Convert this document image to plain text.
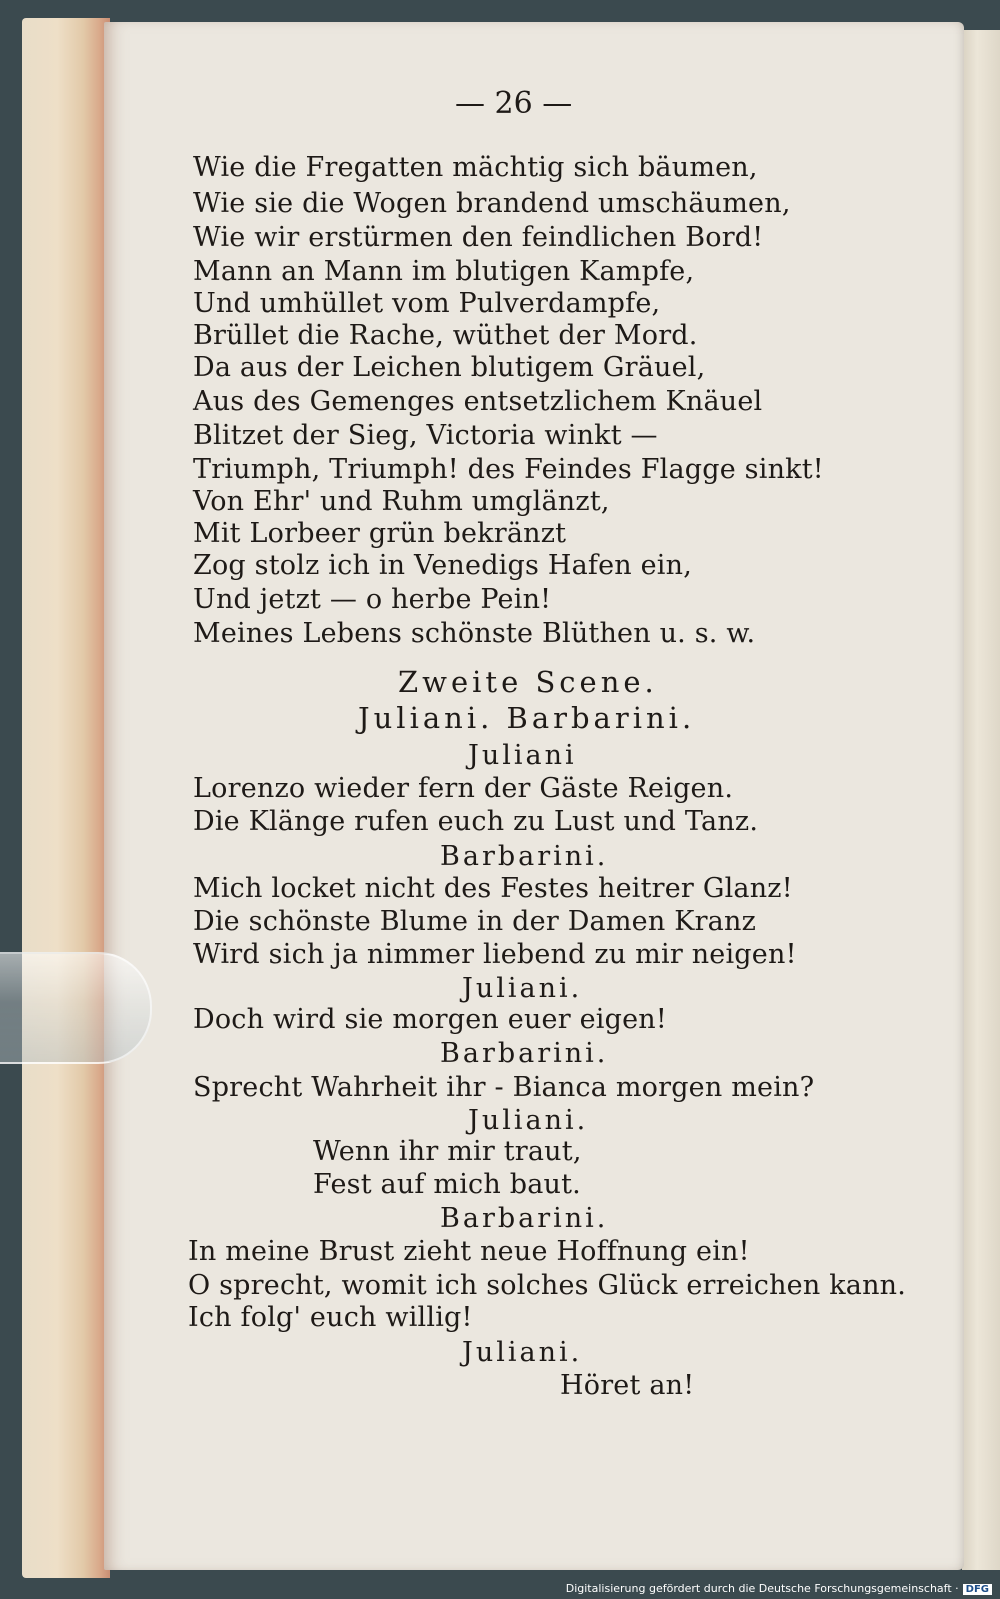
— 26 —
Wie die Fregatten mächtig sich bäumen,
Wie sie die Wogen brandend umschäumen,
Wie wir erstürmen den feindlichen Bord!
Mann an Mann im blutigen Kampfe,
Und umhüllet vom Pulverdampfe,
Brüllet die Rache, wüthet der Mord.
Da aus der Leichen blutigem Gräuel,
Aus des Gemenges entsetzlichem Knäuel
Blitzet der Sieg, Victoria winkt —
Triumph, Triumph! des Feindes Flagge sinkt!
Von Ehr' und Ruhm umglänzt,
Mit Lorbeer grün bekränzt
Zog stolz ich in Venedigs Hafen ein,
Und jetzt — o herbe Pein!
Meines Lebens schönste Blüthen u. s. w.
Zweite Scene.
Juliani. Barbarini.
Juliani
Lorenzo wieder fern der Gäste Reigen.
Die Klänge rufen euch zu Lust und Tanz.
Barbarini.
Mich locket nicht des Festes heitrer Glanz!
Die schönste Blume in der Damen Kranz
Wird sich ja nimmer liebend zu mir neigen!
Juliani.
Doch wird sie morgen euer eigen!
Barbarini.
Sprecht Wahrheit ihr - Bianca morgen mein?
Juliani.
Wenn ihr mir traut,
Fest auf mich baut.
Barbarini.
In meine Brust zieht neue Hoffnung ein!
O sprecht, womit ich solches Glück erreichen kann.
Ich folg' euch willig!
Juliani.
Höret an!
Digitalisierung gefördert durch die Deutsche Forschungsgemeinschaft · DFG
